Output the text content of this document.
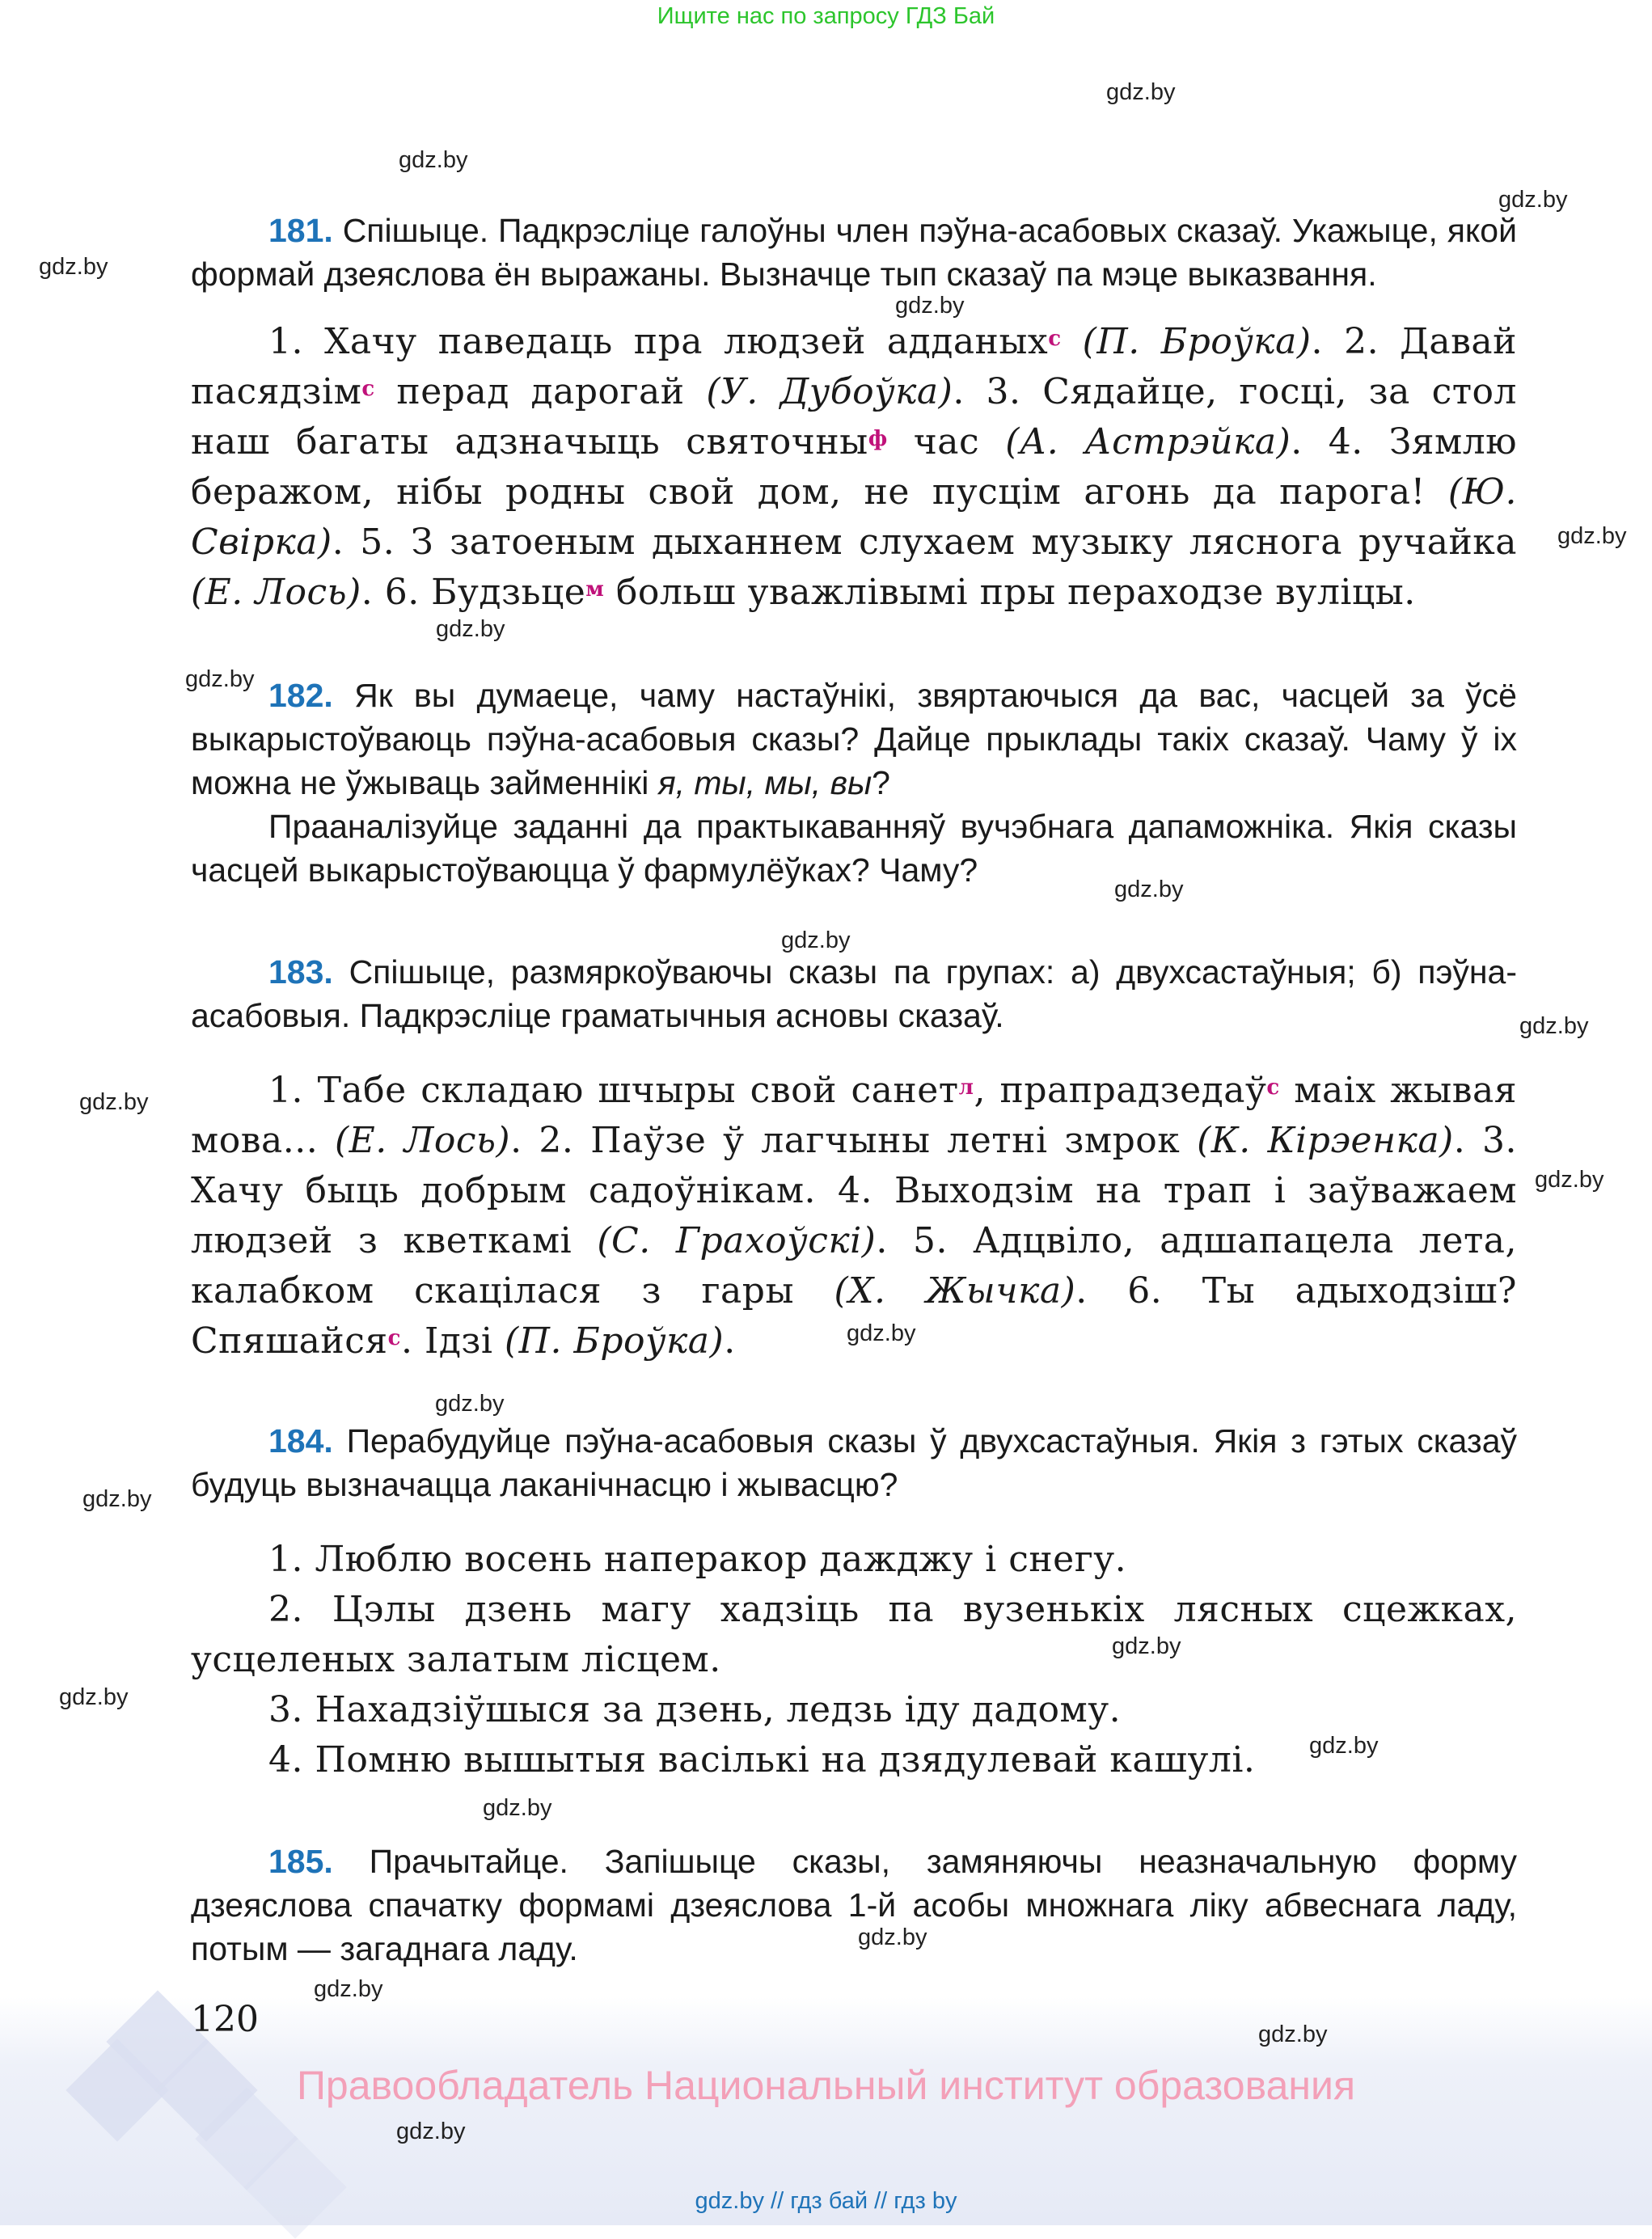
Ищите нас по запросу ГДЗ Бай
gdz.by
gdz.by
gdz.by
gdz.by
gdz.by
gdz.by
gdz.by
gdz.by
gdz.by
gdz.by
gdz.by
gdz.by
gdz.by
gdz.by
gdz.by
gdz.by
gdz.by
gdz.by
gdz.by
gdz.by
gdz.by

181. Спішыце. Падкрэсліце галоўны член пэўна-асабовых сказаў. Укажыце, якой формай дзеяслова ён выражаны. Вызначце тып сказаў па мэце выказвання.

1. Хачу паведаць пра людзей адданых$^с$ (П. Броўка). 2. Давай пасядзім$^с$ перад дарогай (У. Дубоўка). 3. Сядайце, госці, за стол наш багаты адзначыць святочны$^ф$ час (А. Астрэйка). 4. Зямлю беражом, нібы родны свой дом, не пусцім агонь да парога! (Ю. Свірка). 5. З затоеным дыханнем слухаем музыку ляснога ручайка (Е. Лось). 6. Будзьце$^м$ больш уважлівымі пры пераходзе вуліцы.

182. Як вы думаеце, чаму настаўнікі, звяртаючыся да вас, часцей за ўсё выкарыстоўваюць пэўна-асабовыя сказы? Дайце прыклады такіх сказаў. Чаму ў іх можна не ўжываць займеннікі я, ты, мы, вы?

Прааналізуйце заданні да практыкаванняў вучэбнага дапаможніка. Якія сказы часцей выкарыстоўваюцца ў фармулёўках? Чаму?

183. Спішыце, размяркоўваючы сказы па групах: а) двухсастаўныя; б) пэўна-асабовыя. Падкрэсліце граматычныя асновы сказаў.

1. Табе складаю шчыры свой санет$^л$, прапрадзедаў$^с$ маіх жывая мова... (Е. Лось). 2. Паўзе ў лагчыны летні змрок (К. Кірэенка). 3. Хачу быць добрым садоўнікам. 4. Выходзім на трап і заўважаем людзей з кветкамі (С. Грахоўскі). 5. Адцвіло, адшапацела лета, калабком скацілася з гары (Х. Жычка). 6. Ты адыходзіш? Спяшайся$^с$. Ідзі (П. Броўка).

184. Перабудуйце пэўна-асабовыя сказы ў двухсастаўныя. Якія з гэтых сказаў будуць вызначацца лаканічнасцю і жывасцю?

1. Люблю восень наперакор дажджу і снегу.

2. Цэлы дзень магу хадзіць па вузенькіх лясных сцежках, усцеленых залатым лісцем.

3. Нахадзіўшыся за дзень, ледзь іду дадому.

4. Помню вышытыя васількі на дзядулевай кашулі.

185. Прачытайце. Запішыце сказы, замяняючы неазначальную форму дзеяслова спачатку формамі дзеяслова 1-й асобы множнага ліку абвеснага ладу, потым — загаднага ладу.

gdz.by
120	gdz.by
Правообладатель Национальный институт образования
gdz.by
gdz.by // гдз бай // гдз by
